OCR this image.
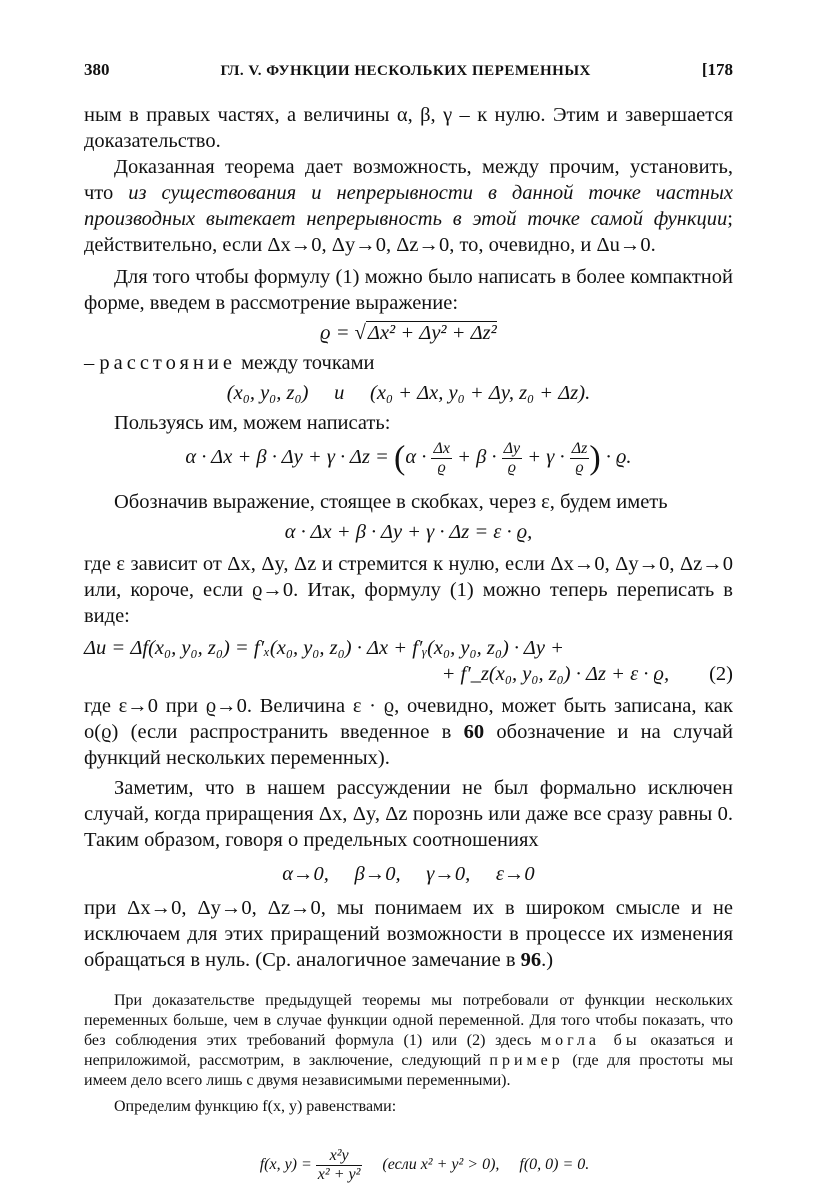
380	ГЛ. V. ФУНКЦИИ НЕСКОЛЬКИХ ПЕРЕМЕННЫХ	[178

ным в правых частях, а величины α, β, γ – к нулю. Этим и завершается доказательство.

Доказанная теорема дает возможность, между прочим, установить, что из существования и непрерывности в данной точке частных производных вытекает непрерывность в этой точке самой функции; действительно, если Δx→0, Δy→0, Δz→0, то, очевидно, и Δu→0.

Для того чтобы формулу (1) можно было написать в более компактной форме, введем в рассмотрение выражение:

ϱ = √Δx² + Δy² + Δz²

– расстояние между точками

(x₀, y₀, z₀)     и     (x₀ + Δx, y₀ + Δy, z₀ + Δz).

Пользуясь им, можем написать:

$\alpha \cdot \Delta x + \beta \cdot \Delta y + \gamma \cdot \Delta z = (\alpha \cdot \frac{\Delta x}{ϱ} + \beta \cdot \frac{\Delta y}{ϱ} + \gamma \cdot \frac{\Delta z}{ϱ}$ ) · ϱ.

Обозначив выражение, стоящее в скобках, через ε, будем иметь

α · Δx + β · Δy + γ · Δz = ε · ϱ,

где ε зависит от Δx, Δy, Δz и стремится к нулю, если Δx→0, Δy→0, Δz→0 или, короче, если ϱ→0. Итак, формулу (1) можно теперь переписать в виде:

Δu = Δf(x₀, y₀, z₀) = f′ₓ(x₀, y₀, z₀) · Δx + f′ᵧ(x₀, y₀, z₀) · Δy +
+ f′_z(x₀, y₀, z₀) · Δz + ε · ϱ, (2)

где ε→0 при ϱ→0. Величина ε · ϱ, очевидно, может быть записана, как o(ϱ) (если распространить введенное в 60 обозначение и на случай функций нескольких переменных).

Заметим, что в нашем рассуждении не был формально исключен случай, когда приращения Δx, Δy, Δz порознь или даже все сразу равны 0. Таким образом, говоря о предельных соотношениях

α→0,     β→0,     γ→0,     ε→0

при Δx→0, Δy→0, Δz→0, мы понимаем их в широком смысле и не исключаем для этих приращений возможности в процессе их изменения обращаться в нуль. (Ср. аналогичное замечание в 96.)

При доказательстве предыдущей теоремы мы потребовали от функции нескольких переменных больше, чем в случае функции одной переменной. Для того чтобы показать, что без соблюдения этих требований формула (1) или (2) здесь могла бы оказаться и неприложимой, рассмотрим, в заключение, следующий пример (где для простоты мы имеем дело всего лишь с двумя независимыми переменными).

Определим функцию f(x, y) равенствами:

f(x, $y) = \frac{\text{x²y}}{\text{x² + y²}}$ (если x² + y² > 0),     f(0, 0) = 0.
